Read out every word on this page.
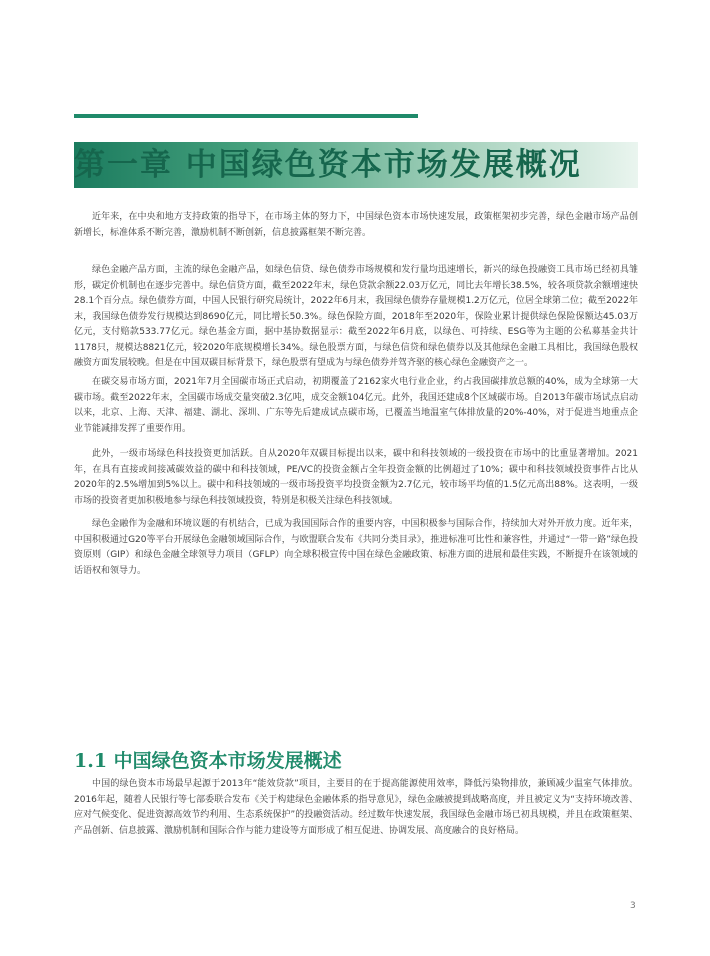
第一章 中国绿色资本市场发展概况

近年来，在中央和地方支持政策的指导下，在市场主体的努力下，中国绿色资本市场快速发展，政策框架初步完善，绿色金融市场产品创新增长，标准体系不断完善，激励机制不断创新，信息披露框架不断完善。

绿色金融产品方面，主流的绿色金融产品，如绿色信贷、绿色债券市场规模和发行量均迅速增长，新兴的绿色投融资工具市场已经初具雏形，碳定价机制也在逐步完善中。绿色信贷方面，截至2022年末，绿色贷款余额22.03万亿元，同比去年增长38.5%，较各项贷款余额增速快28.1个百分点。绿色债券方面，中国人民银行研究局统计，2022年6月末，我国绿色债券存量规模1.2万亿元，位居全球第二位；截至2022年末，我国绿色债券发行规模达到8690亿元，同比增长50.3%。绿色保险方面，2018年至2020年，保险业累计提供绿色保险保额达45.03万亿元，支付赔款533.77亿元。绿色基金方面，据中基协数据显示：截至2022年6月底，以绿色、可持续、ESG等为主题的公私募基金共计1178只，规模达8821亿元，较2020年底规模增长34%。绿色股票方面，与绿色信贷和绿色债券以及其他绿色金融工具相比，我国绿色股权融资方面发展较晚。但是在中国双碳目标背景下，绿色股票有望成为与绿色债券并驾齐驱的核心绿色金融资产之一。

在碳交易市场方面，2021年7月全国碳市场正式启动，初期覆盖了2162家火电行业企业，约占我国碳排放总额的40%，成为全球第一大碳市场。截至2022年末，全国碳市场成交量突破2.3亿吨，成交金额104亿元。此外，我国还建成8个区域碳市场。自2013年碳市场试点启动以来，北京、上海、天津、福建、湖北、深圳、广东等先后建成试点碳市场，已覆盖当地温室气体排放量的20%-40%，对于促进当地重点企业节能减排发挥了重要作用。

此外，一级市场绿色科技投资更加活跃。自从2020年双碳目标提出以来，碳中和科技领域的一级投资在市场中的比重显著增加。2021年，在具有直接或间接减碳效益的碳中和科技领域，PE/VC的投资金额占全年投资金额的比例超过了10%；碳中和科技领域投资事件占比从2020年的2.5%增加到5%以上。碳中和科技领域的一级市场投资平均投资金额为2.7亿元，较市场平均值的1.5亿元高出88%。这表明，一级市场的投资者更加积极地参与绿色科技领域投资，特别是积极关注绿色科技领域。

绿色金融作为金融和环境议题的有机结合，已成为我国国际合作的重要内容，中国积极参与国际合作，持续加大对外开放力度。近年来，中国积极通过G20等平台开展绿色金融领域国际合作，与欧盟联合发布《共同分类目录》，推进标准可比性和兼容性，并通过“一带一路”绿色投资原则（GIP）和绿色金融全球领导力项目（GFLP）向全球积极宣传中国在绿色金融政策、标准方面的进展和最佳实践，不断提升在该领域的话语权和领导力。

1.1 中国绿色资本市场发展概述

中国的绿色资本市场最早起源于2013年“能效贷款”项目，主要目的在于提高能源使用效率，降低污染物排放，兼顾减少温室气体排放。2016年起，随着人民银行等七部委联合发布《关于构建绿色金融体系的指导意见》，绿色金融被提到战略高度，并且被定义为“支持环境改善、应对气候变化、促进资源高效节约利用、生态系统保护”的投融资活动。经过数年快速发展，我国绿色金融市场已初具规模，并且在政策框架、产品创新、信息披露、激励机制和国际合作与能力建设等方面形成了相互促进、协调发展、高度融合的良好格局。

3
